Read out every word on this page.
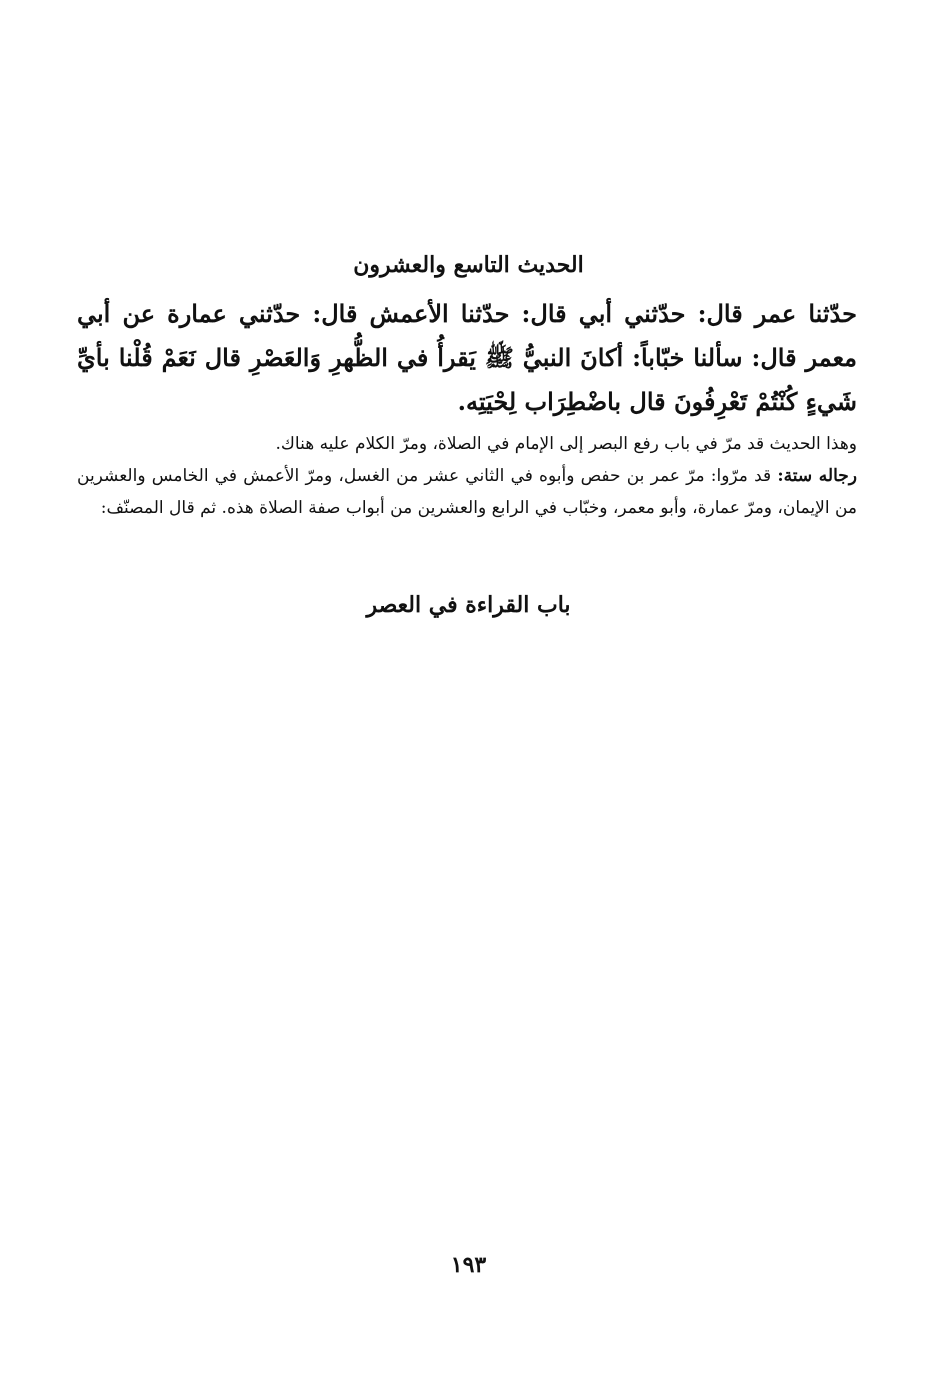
الحديث التاسع والعشرون
حدّثنا عمر قال: حدّثني أبي قال: حدّثنا الأعمش قال: حدّثني عمارة عن أبي معمر قال: سألنا خبّاباً: أكانَ النبيُّ ﷺ يَقرأُ في الظُّهرِ وَالعَصْرِ قال نَعَمْ قُلْنا بأيِّ شَيءٍ كُنْتُمْ تَعْرِفُونَ قال باضْطِرَاب لِحْيَتِه.

وهذا الحديث قد مرّ في باب رفع البصر إلى الإمام في الصلاة، ومرّ الكلام عليه هناك.

رجاله ستة: قد مرّوا: مرّ عمر بن حفص وأبوه في الثاني عشر من الغسل، ومرّ الأعمش في الخامس والعشرين من الإيمان، ومرّ عمارة، وأبو معمر، وخبّاب في الرابع والعشرين من أبواب صفة الصلاة هذه. ثم قال المصنّف:

باب القراءة في العصر
١٩٣
